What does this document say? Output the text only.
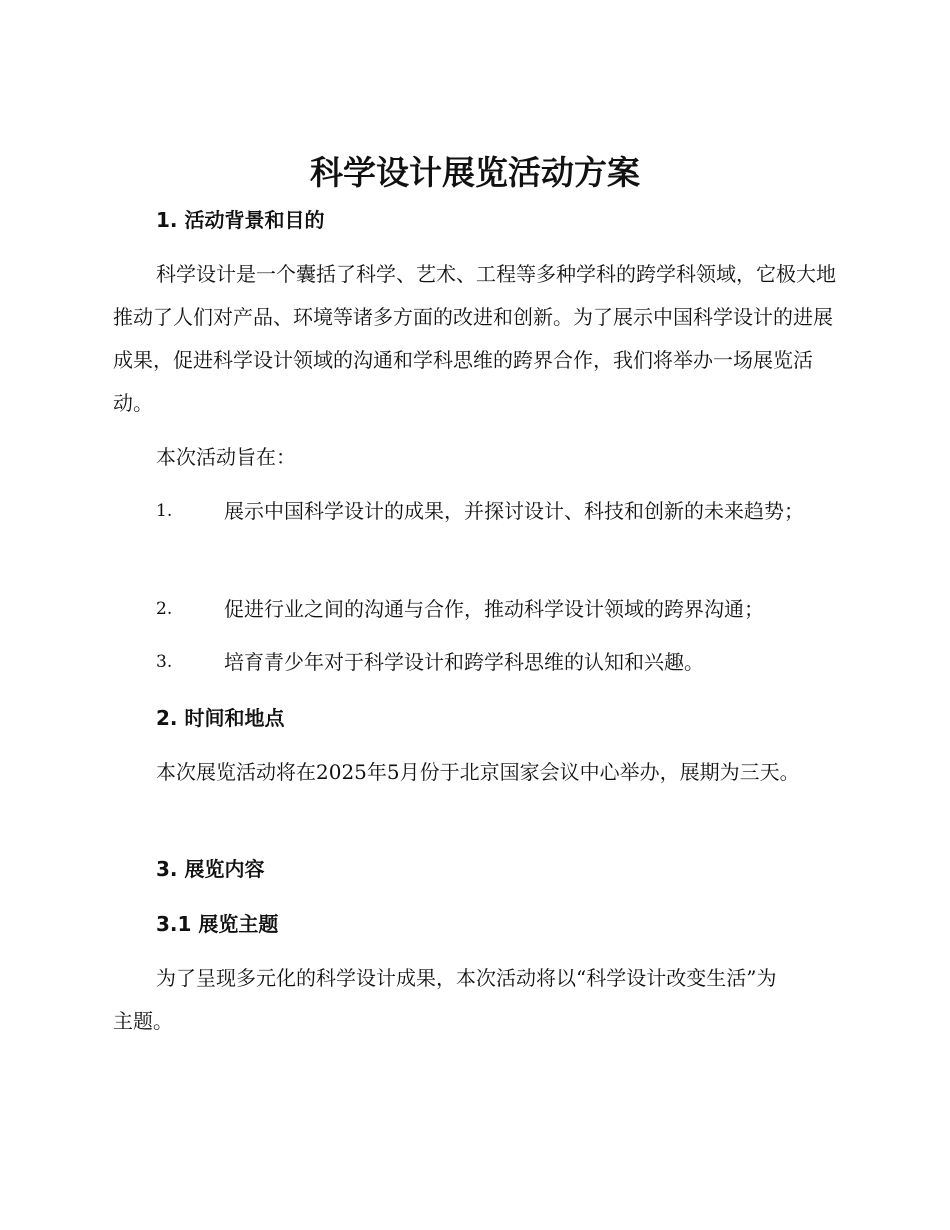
科学设计展览活动方案
1. 活动背景和目的

科学设计是一个囊括了科学、艺术、工程等多种学科的跨学科领域，它极大地推动了人们对产品、环境等诸多方面的改进和创新。为了展示中国科学设计的进展成果，促进科学设计领域的沟通和学科思维的跨界合作，我们将举办一场展览活动。

本次活动旨在：

1.	展示中国科学设计的成果，并探讨设计、科技和创新的未来趋势；
2.	促进行业之间的沟通与合作，推动科学设计领域的跨界沟通；
3.	培育青少年对于科学设计和跨学科思维的认知和兴趣。
2. 时间和地点

本次展览活动将在2025年5月份于北京国家会议中心举办，展期为三天。

3. 展览内容
3.1 展览主题

为了呈现多元化的科学设计成果，本次活动将以“科学设计改变生活”为主题。
